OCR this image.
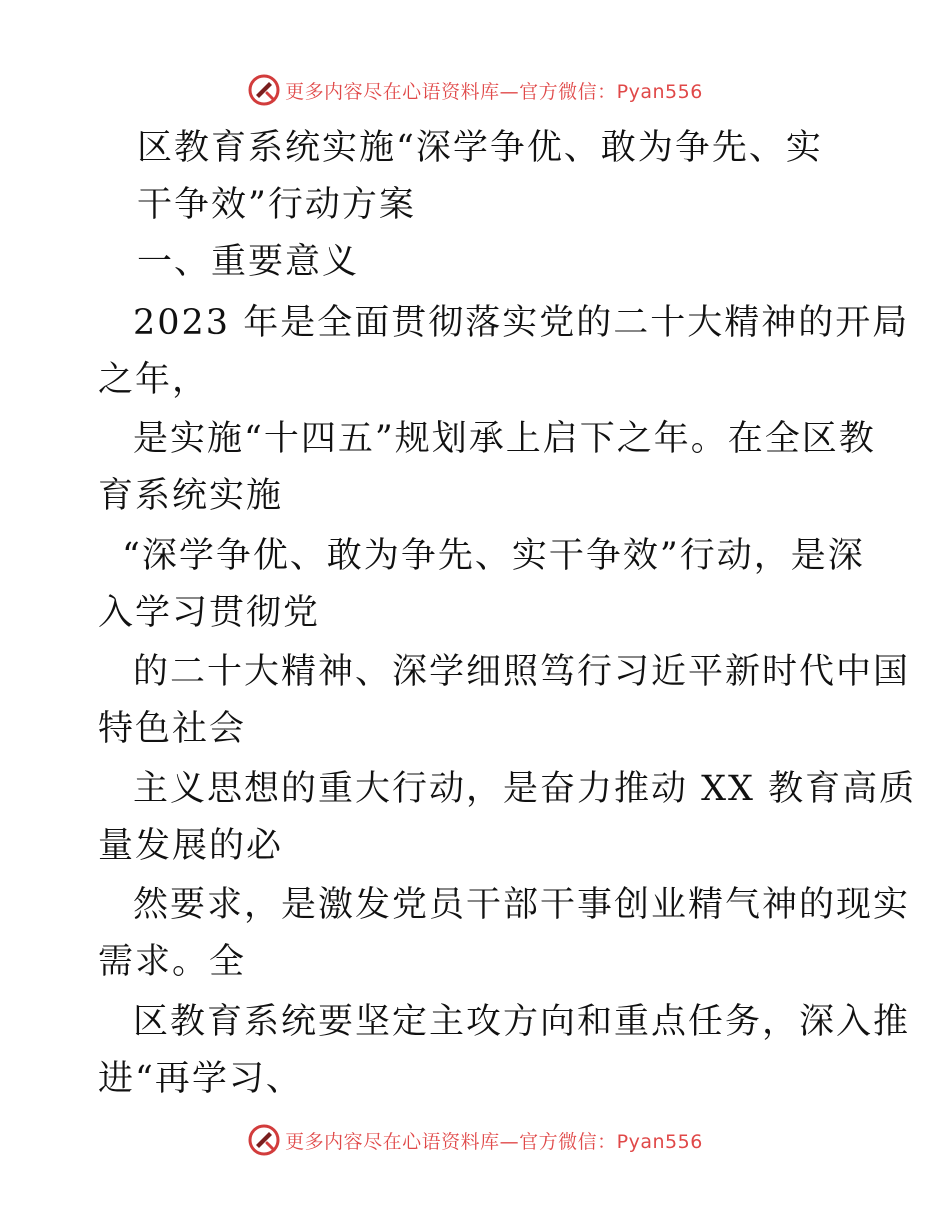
更多内容尽在心语资料库—官方微信：Pyan556
区教育系统实施“深学争优、敢为争先、实
干争效”行动方案
一、重要意义
2023 年是全面贯彻落实党的二十大精神的开局
之年，
是实施“十四五”规划承上启下之年。在全区教
育系统实施
“深学争优、敢为争先、实干争效”行动，是深
入学习贯彻党
的二十大精神、深学细照笃行习近平新时代中国
特色社会
主义思想的重大行动，是奋力推动 XX 教育高质
量发展的必
然要求，是激发党员干部干事创业精气神的现实
需求。全
区教育系统要坚定主攻方向和重点任务，深入推
进“再学习、
更多内容尽在心语资料库—官方微信：Pyan556
